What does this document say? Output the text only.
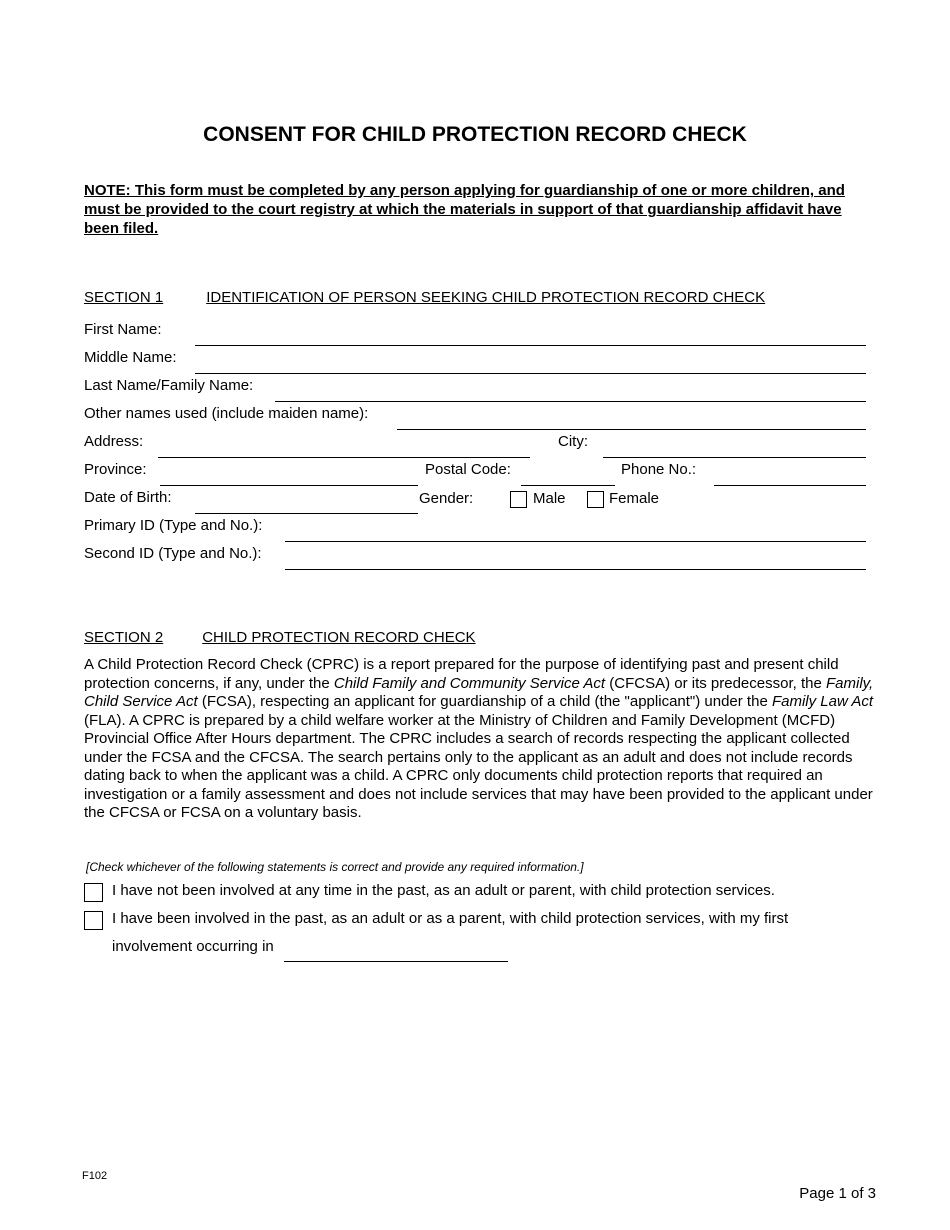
CONSENT FOR CHILD PROTECTION RECORD CHECK
NOTE: This form must be completed by any person applying for guardianship of one or more children, and must be provided to the court registry at which the materials in support of that guardianship affidavit have been filed.
SECTION 1	IDENTIFICATION OF PERSON SEEKING CHILD PROTECTION RECORD CHECK
First Name:
Middle Name:
Last Name/Family Name:
Other names used (include maiden name):
Address:	City:
Province:	Postal Code:	Phone No.:
Date of Birth:	Gender:	Male	Female
Primary ID (Type and No.):
Second ID (Type and No.):
SECTION 2	CHILD PROTECTION RECORD CHECK
A Child Protection Record Check (CPRC) is a report prepared for the purpose of identifying past and present child protection concerns, if any, under the Child Family and Community Service Act (CFCSA) or its predecessor, the Family, Child Service Act (FCSA), respecting an applicant for guardianship of a child (the "applicant") under the Family Law Act (FLA). A CPRC is prepared by a child welfare worker at the Ministry of Children and Family Development (MCFD) Provincial Office After Hours department. The CPRC includes a search of records respecting the applicant collected under the FCSA and the CFCSA. The search pertains only to the applicant as an adult and does not include records dating back to when the applicant was a child. A CPRC only documents child protection reports that required an investigation or a family assessment and does not include services that may have been provided to the applicant under the CFCSA or FCSA on a voluntary basis.
[Check whichever of the following statements is correct and provide any required information.]
I have not been involved at any time in the past, as an adult or parent, with child protection services.
I have been involved in the past, as an adult or as a parent, with child protection services, with my first
involvement occurring in
F102
Page 1 of 3
